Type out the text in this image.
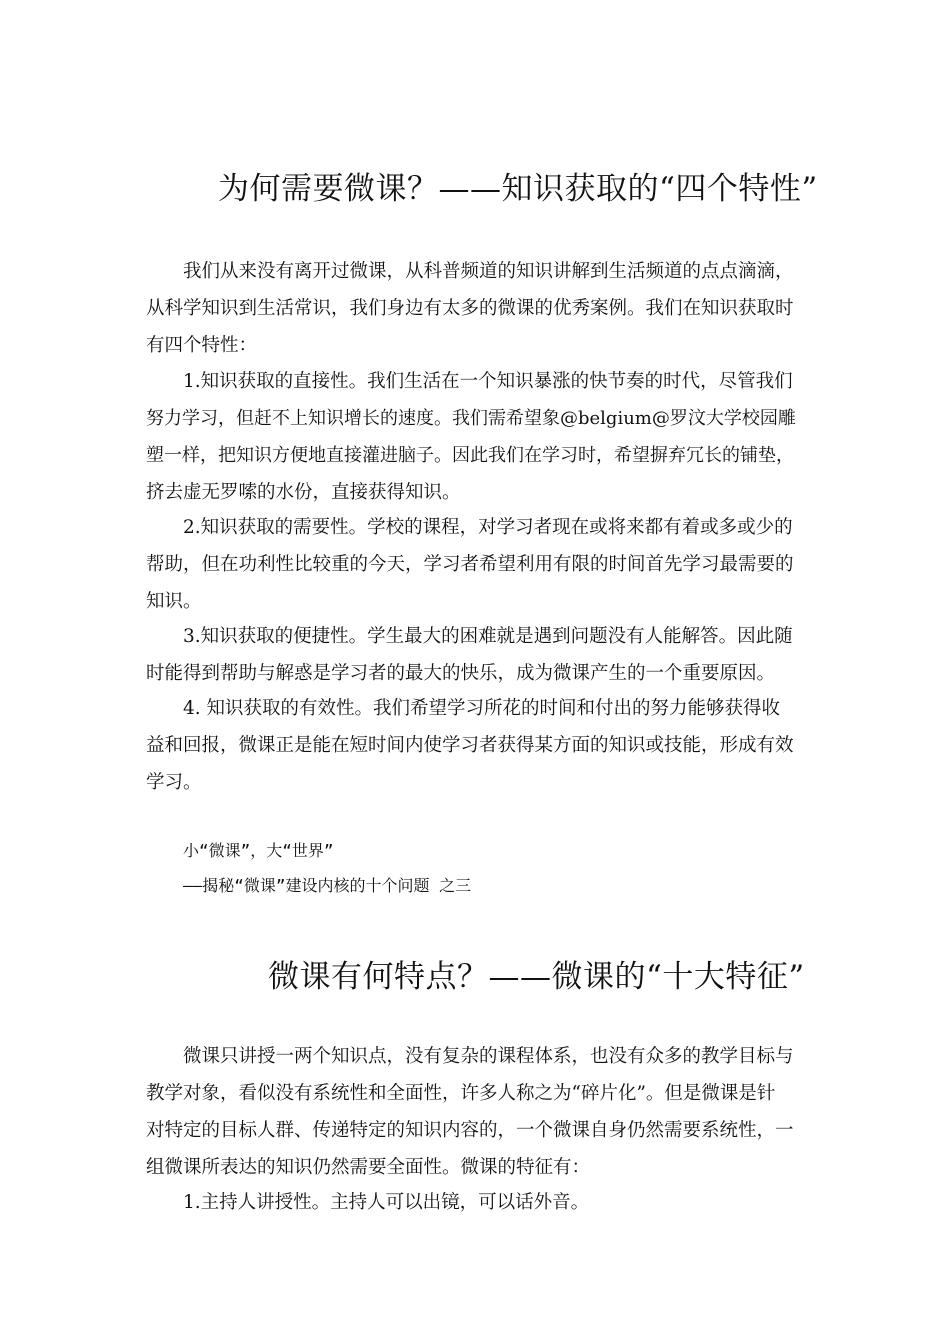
为何需要微课？——知识获取的“四个特性”
我们从来没有离开过微课，从科普频道的知识讲解到生活频道的点点滴滴，
从科学知识到生活常识，我们身边有太多的微课的优秀案例。我们在知识获取时
有四个特性：
1.知识获取的直接性。我们生活在一个知识暴涨的快节奏的时代，尽管我们
努力学习，但赶不上知识增长的速度。我们需希望象@belgium@罗汶大学校园雕
塑一样，把知识方便地直接灌进脑子。因此我们在学习时，希望摒弃冗长的铺垫，
挤去虚无罗嗦的水份，直接获得知识。
2.知识获取的需要性。学校的课程，对学习者现在或将来都有着或多或少的
帮助，但在功利性比较重的今天，学习者希望利用有限的时间首先学习最需要的
知识。
3.知识获取的便捷性。学生最大的困难就是遇到问题没有人能解答。因此随
时能得到帮助与解惑是学习者的最大的快乐，成为微课产生的一个重要原因。
4. 知识获取的有效性。我们希望学习所花的时间和付出的努力能够获得收
益和回报，微课正是能在短时间内使学习者获得某方面的知识或技能，形成有效
学习。
小“微课”，大“世界”
——揭秘“微课”建设内核的十个问题 之三
微课有何特点？——微课的“十大特征”
微课只讲授一两个知识点，没有复杂的课程体系，也没有众多的教学目标与
教学对象，看似没有系统性和全面性，许多人称之为“碎片化”。但是微课是针
对特定的目标人群、传递特定的知识内容的，一个微课自身仍然需要系统性，一
组微课所表达的知识仍然需要全面性。微课的特征有：
1.主持人讲授性。主持人可以出镜，可以话外音。
